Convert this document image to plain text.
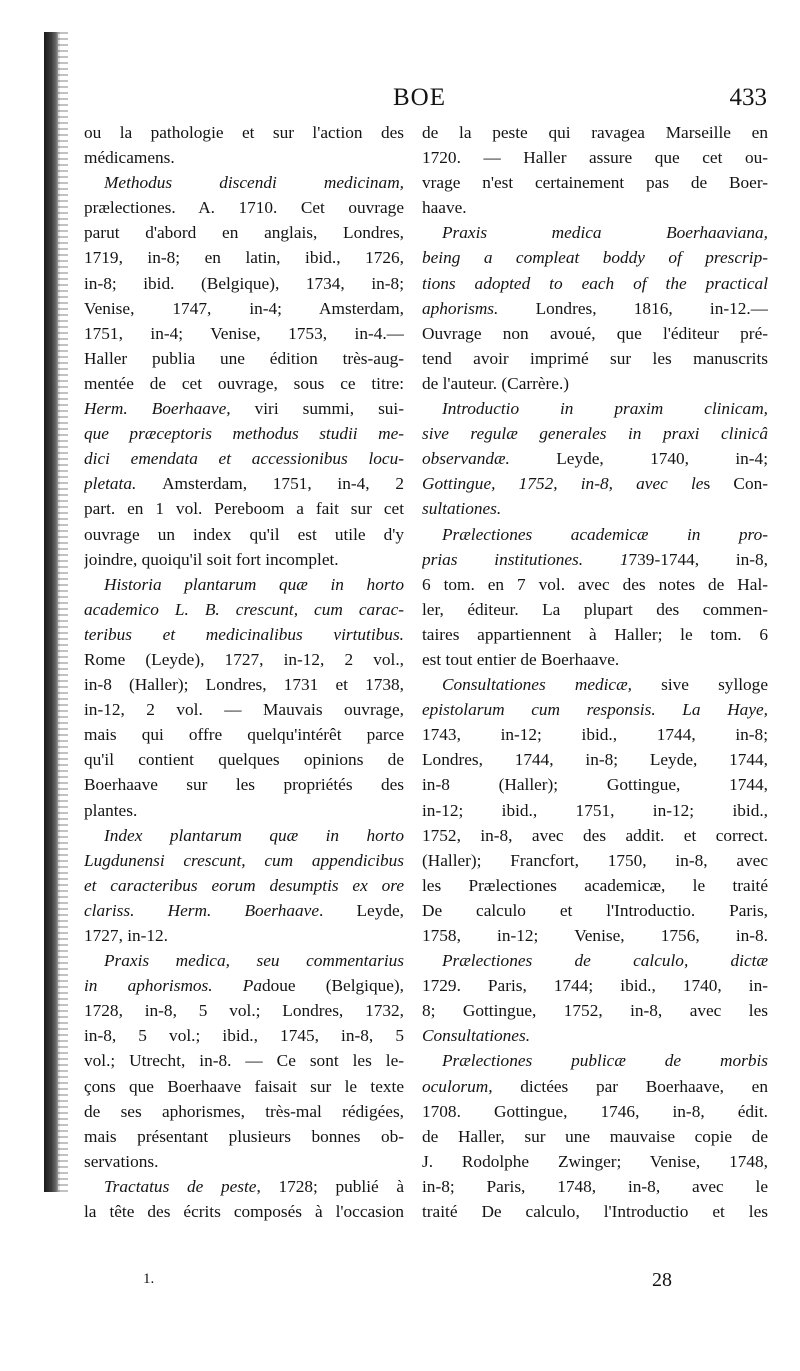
BOE	433
ou la pathologie et sur l'action des
médicamens.
Methodus discendi medicinam,
prælectiones. A. 1710. Cet ouvrage
parut d'abord en anglais, Londres,
1719, in-8; en latin, ibid., 1726,
in-8; ibid. (Belgique), 1734, in-8;
Venise, 1747, in-4; Amsterdam,
1751, in-4; Venise, 1753, in-4.—
Haller publia une édition très-aug-
mentée de cet ouvrage, sous ce titre:
Herm. Boerhaave, viri summi, sui-
que præceptoris methodus studii me-
dici emendata et accessionibus locu-
pletata. Amsterdam, 1751, in-4, 2
part. en 1 vol. Pereboom a fait sur cet
ouvrage un index qu'il est utile d'y
joindre, quoiqu'il soit fort incomplet.
Historia plantarum quæ in horto
academico L. B. crescunt, cum carac-
teribus et medicinalibus virtutibus.
Rome (Leyde), 1727, in-12, 2 vol.,
in-8 (Haller); Londres, 1731 et 1738,
in-12, 2 vol. — Mauvais ouvrage,
mais qui offre quelqu'intérêt parce
qu'il contient quelques opinions de
Boerhaave sur les propriétés des
plantes.
Index plantarum quæ in horto
Lugdunensi crescunt, cum appendicibus
et caracteribus eorum desumptis ex ore
clariss. Herm. Boerhaave. Leyde,
1727, in-12.
Praxis medica, seu commentarius
in aphorismos. Padoue (Belgique),
1728, in-8, 5 vol.; Londres, 1732,
in-8, 5 vol.; ibid., 1745, in-8, 5
vol.; Utrecht, in-8. — Ce sont les le-
çons que Boerhaave faisait sur le texte
de ses aphorismes, très-mal rédigées,
mais présentant plusieurs bonnes ob-
servations.
Tractatus de peste, 1728; publié à
la tête des écrits composés à l'occasion
de la peste qui ravagea Marseille en
1720. — Haller assure que cet ou-
vrage n'est certainement pas de Boer-
haave.
Praxis medica Boerhaaviana,
being a compleat boddy of prescrip-
tions adopted to each of the practical
aphorisms. Londres, 1816, in-12.—
Ouvrage non avoué, que l'éditeur pré-
tend avoir imprimé sur les manuscrits
de l'auteur. (Carrère.)
Introductio in praxim clinicam,
sive regulæ generales in praxi clinicâ
observandæ. Leyde, 1740, in-4;
Gottingue, 1752, in-8, avec les Con-
sultationes.
Prælectiones academicæ in pro-
prias institutiones. 1739-1744, in-8,
6 tom. en 7 vol. avec des notes de Hal-
ler, éditeur. La plupart des commen-
taires appartiennent à Haller; le tom. 6
est tout entier de Boerhaave.
Consultationes medicæ, sive sylloge
epistolarum cum responsis. La Haye,
1743, in-12; ibid., 1744, in-8;
Londres, 1744, in-8; Leyde, 1744,
in-8 (Haller); Gottingue, 1744,
in-12; ibid., 1751, in-12; ibid.,
1752, in-8, avec des addit. et correct.
(Haller); Francfort, 1750, in-8, avec
les Prælectiones academicæ, le traité
De calculo et l'Introductio. Paris,
1758, in-12; Venise, 1756, in-8.
Prælectiones de calculo, dictæ
1729. Paris, 1744; ibid., 1740, in-
8; Gottingue, 1752, in-8, avec les
Consultationes.
Prælectiones publicæ de morbis
oculorum, dictées par Boerhaave, en
1708. Gottingue, 1746, in-8, édit.
de Haller, sur une mauvaise copie de
J. Rodolphe Zwinger; Venise, 1748,
in-8; Paris, 1748, in-8, avec le
traité De calculo, l'Introductio et les
1.	28
